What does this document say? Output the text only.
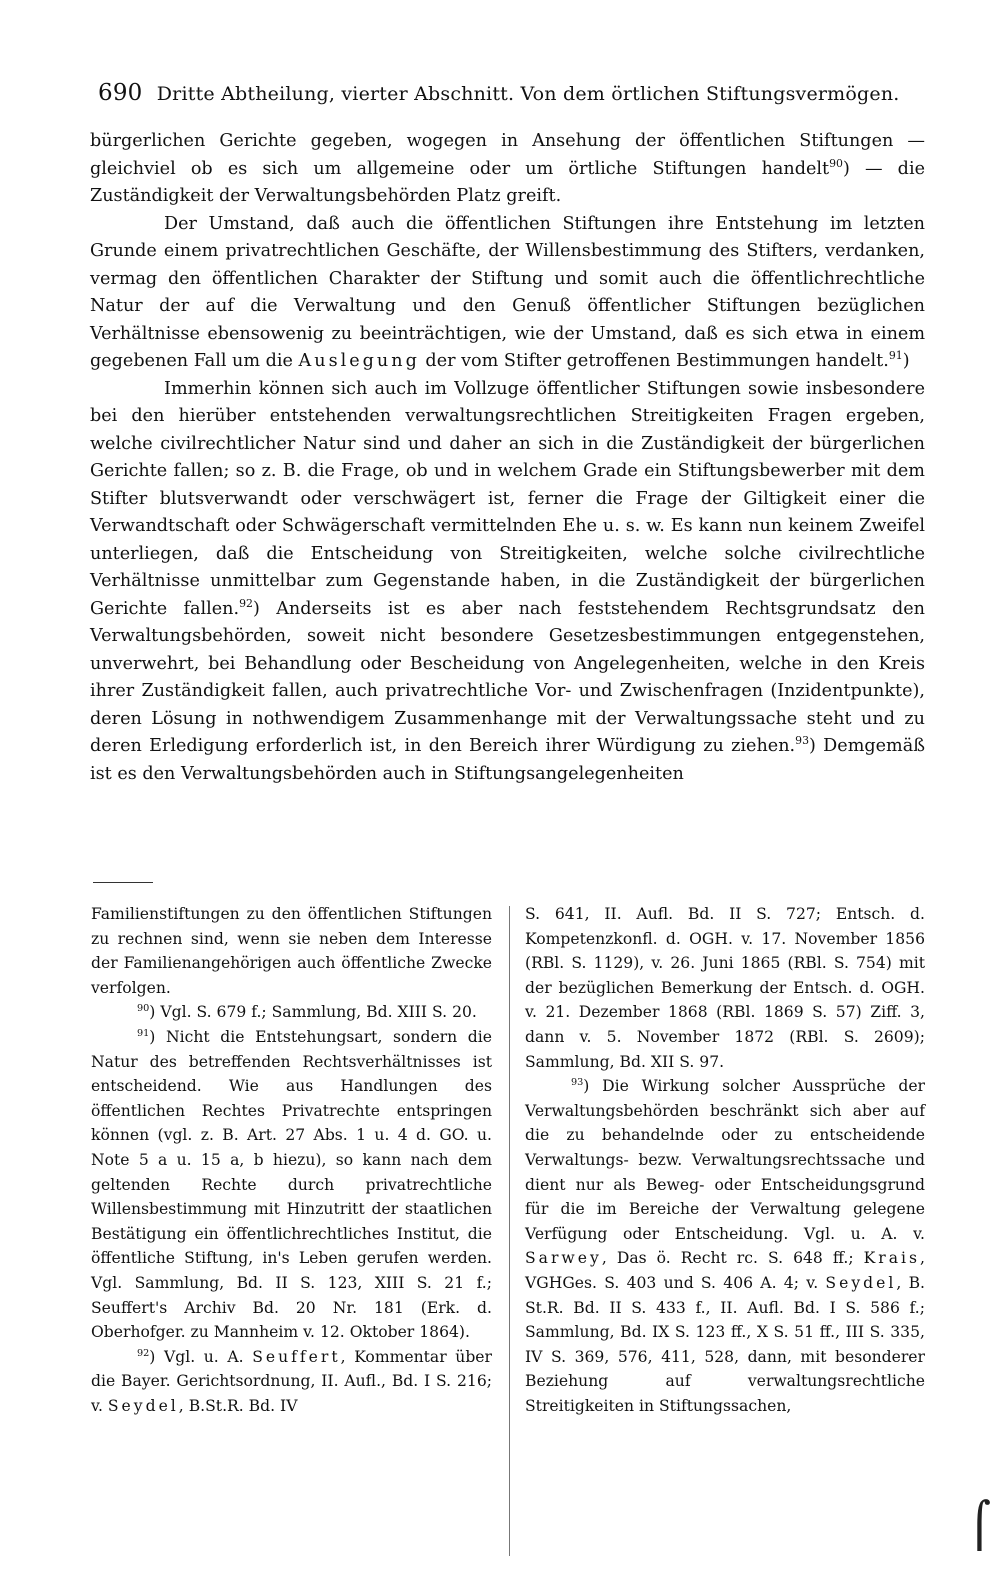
690 Dritte Abtheilung, vierter Abschnitt. Von dem örtlichen Stiftungsvermögen.

bürgerlichen Gerichte gegeben, wogegen in Ansehung der öffentlichen Stiftungen — gleichviel ob es sich um allgemeine oder um örtliche Stiftungen handelt$^{90}$) — die Zuständigkeit der Verwaltungsbehörden Platz greift.

Der Umstand, daß auch die öffentlichen Stiftungen ihre Entstehung im letzten Grunde einem privatrechtlichen Geschäfte, der Willensbestimmung des Stifters, verdanken, vermag den öffentlichen Charakter der Stiftung und somit auch die öffentlichrechtliche Natur der auf die Verwaltung und den Genuß öffentlicher Stiftungen bezüglichen Verhältnisse ebensowenig zu beeinträchtigen, wie der Umstand, daß es sich etwa in einem gegebenen Fall um die Auslegung der vom Stifter getroffenen Bestimmungen handelt.$^{91}$)

Immerhin können sich auch im Vollzuge öffentlicher Stiftungen sowie insbesondere bei den hierüber entstehenden verwaltungsrechtlichen Streitigkeiten Fragen ergeben, welche civilrechtlicher Natur sind und daher an sich in die Zuständigkeit der bürgerlichen Gerichte fallen; so z. B. die Frage, ob und in welchem Grade ein Stiftungsbewerber mit dem Stifter blutsverwandt oder verschwägert ist, ferner die Frage der Giltigkeit einer die Verwandtschaft oder Schwägerschaft vermittelnden Ehe u. s. w. Es kann nun keinem Zweifel unterliegen, daß die Entscheidung von Streitigkeiten, welche solche civilrechtliche Verhältnisse unmittelbar zum Gegenstande haben, in die Zuständigkeit der bürgerlichen Gerichte fallen.$^{92}$) Anderseits ist es aber nach feststehendem Rechtsgrundsatz den Verwaltungsbehörden, soweit nicht besondere Gesetzesbestimmungen entgegenstehen, unverwehrt, bei Behandlung oder Bescheidung von Angelegenheiten, welche in den Kreis ihrer Zuständigkeit fallen, auch privatrechtliche Vor- und Zwischenfragen (Inzidentpunkte), deren Lösung in nothwendigem Zusammenhange mit der Verwaltungssache steht und zu deren Erledigung erforderlich ist, in den Bereich ihrer Würdigung zu ziehen.$^{93}$) Demgemäß ist es den Verwaltungsbehörden auch in Stiftungsangelegenheiten

Familienstiftungen zu den öffentlichen Stiftungen zu rechnen sind, wenn sie neben dem Interesse der Familienangehörigen auch öffentliche Zwecke verfolgen.

$^{90}$) Vgl. S. 679 f.; Sammlung, Bd. XIII S. 20.

$^{91}$) Nicht die Entstehungsart, sondern die Natur des betreffenden Rechtsverhältnisses ist entscheidend. Wie aus Handlungen des öffentlichen Rechtes Privatrechte entspringen können (vgl. z. B. Art. 27 Abs. 1 u. 4 d. GO. u. Note 5 a u. 15 a, b hiezu), so kann nach dem geltenden Rechte durch privatrechtliche Willensbestimmung mit Hinzutritt der staatlichen Bestätigung ein öffentlichrechtliches Institut, die öffentliche Stiftung, in's Leben gerufen werden. Vgl. Sammlung, Bd. II S. 123, XIII S. 21 f.; Seuffert's Archiv Bd. 20 Nr. 181 (Erk. d. Oberhofger. zu Mannheim v. 12. Oktober 1864).

$^{92}$) Vgl. u. A. Seuffert, Kommentar über die Bayer. Gerichtsordnung, II. Aufl., Bd. I S. 216; v. Seydel, B.St.R. Bd. IV

S. 641, II. Aufl. Bd. II S. 727; Entsch. d. Kompetenzkonfl. d. OGH. v. 17. November 1856 (RBl. S. 1129), v. 26. Juni 1865 (RBl. S. 754) mit der bezüglichen Bemerkung der Entsch. d. OGH. v. 21. Dezember 1868 (RBl. 1869 S. 57) Ziff. 3, dann v. 5. November 1872 (RBl. S. 2609); Sammlung, Bd. XII S. 97.

$^{93}$) Die Wirkung solcher Aussprüche der Verwaltungsbehörden beschränkt sich aber auf die zu behandelnde oder zu entscheidende Verwaltungs- bezw. Verwaltungsrechtssache und dient nur als Beweg- oder Entscheidungsgrund für die im Bereiche der Verwaltung gelegene Verfügung oder Entscheidung. Vgl. u. A. v. Sarwey, Das ö. Recht rc. S. 648 ff.; Krais, VGHGes. S. 403 und S. 406 A. 4; v. Seydel, B. St.R. Bd. II S. 433 f., II. Aufl. Bd. I S. 586 f.; Sammlung, Bd. IX S. 123 ff., X S. 51 ff., III S. 335, IV S. 369, 576, 411, 528, dann, mit besonderer Beziehung auf verwaltungsrechtliche Streitigkeiten in Stiftungssachen,

⌠
